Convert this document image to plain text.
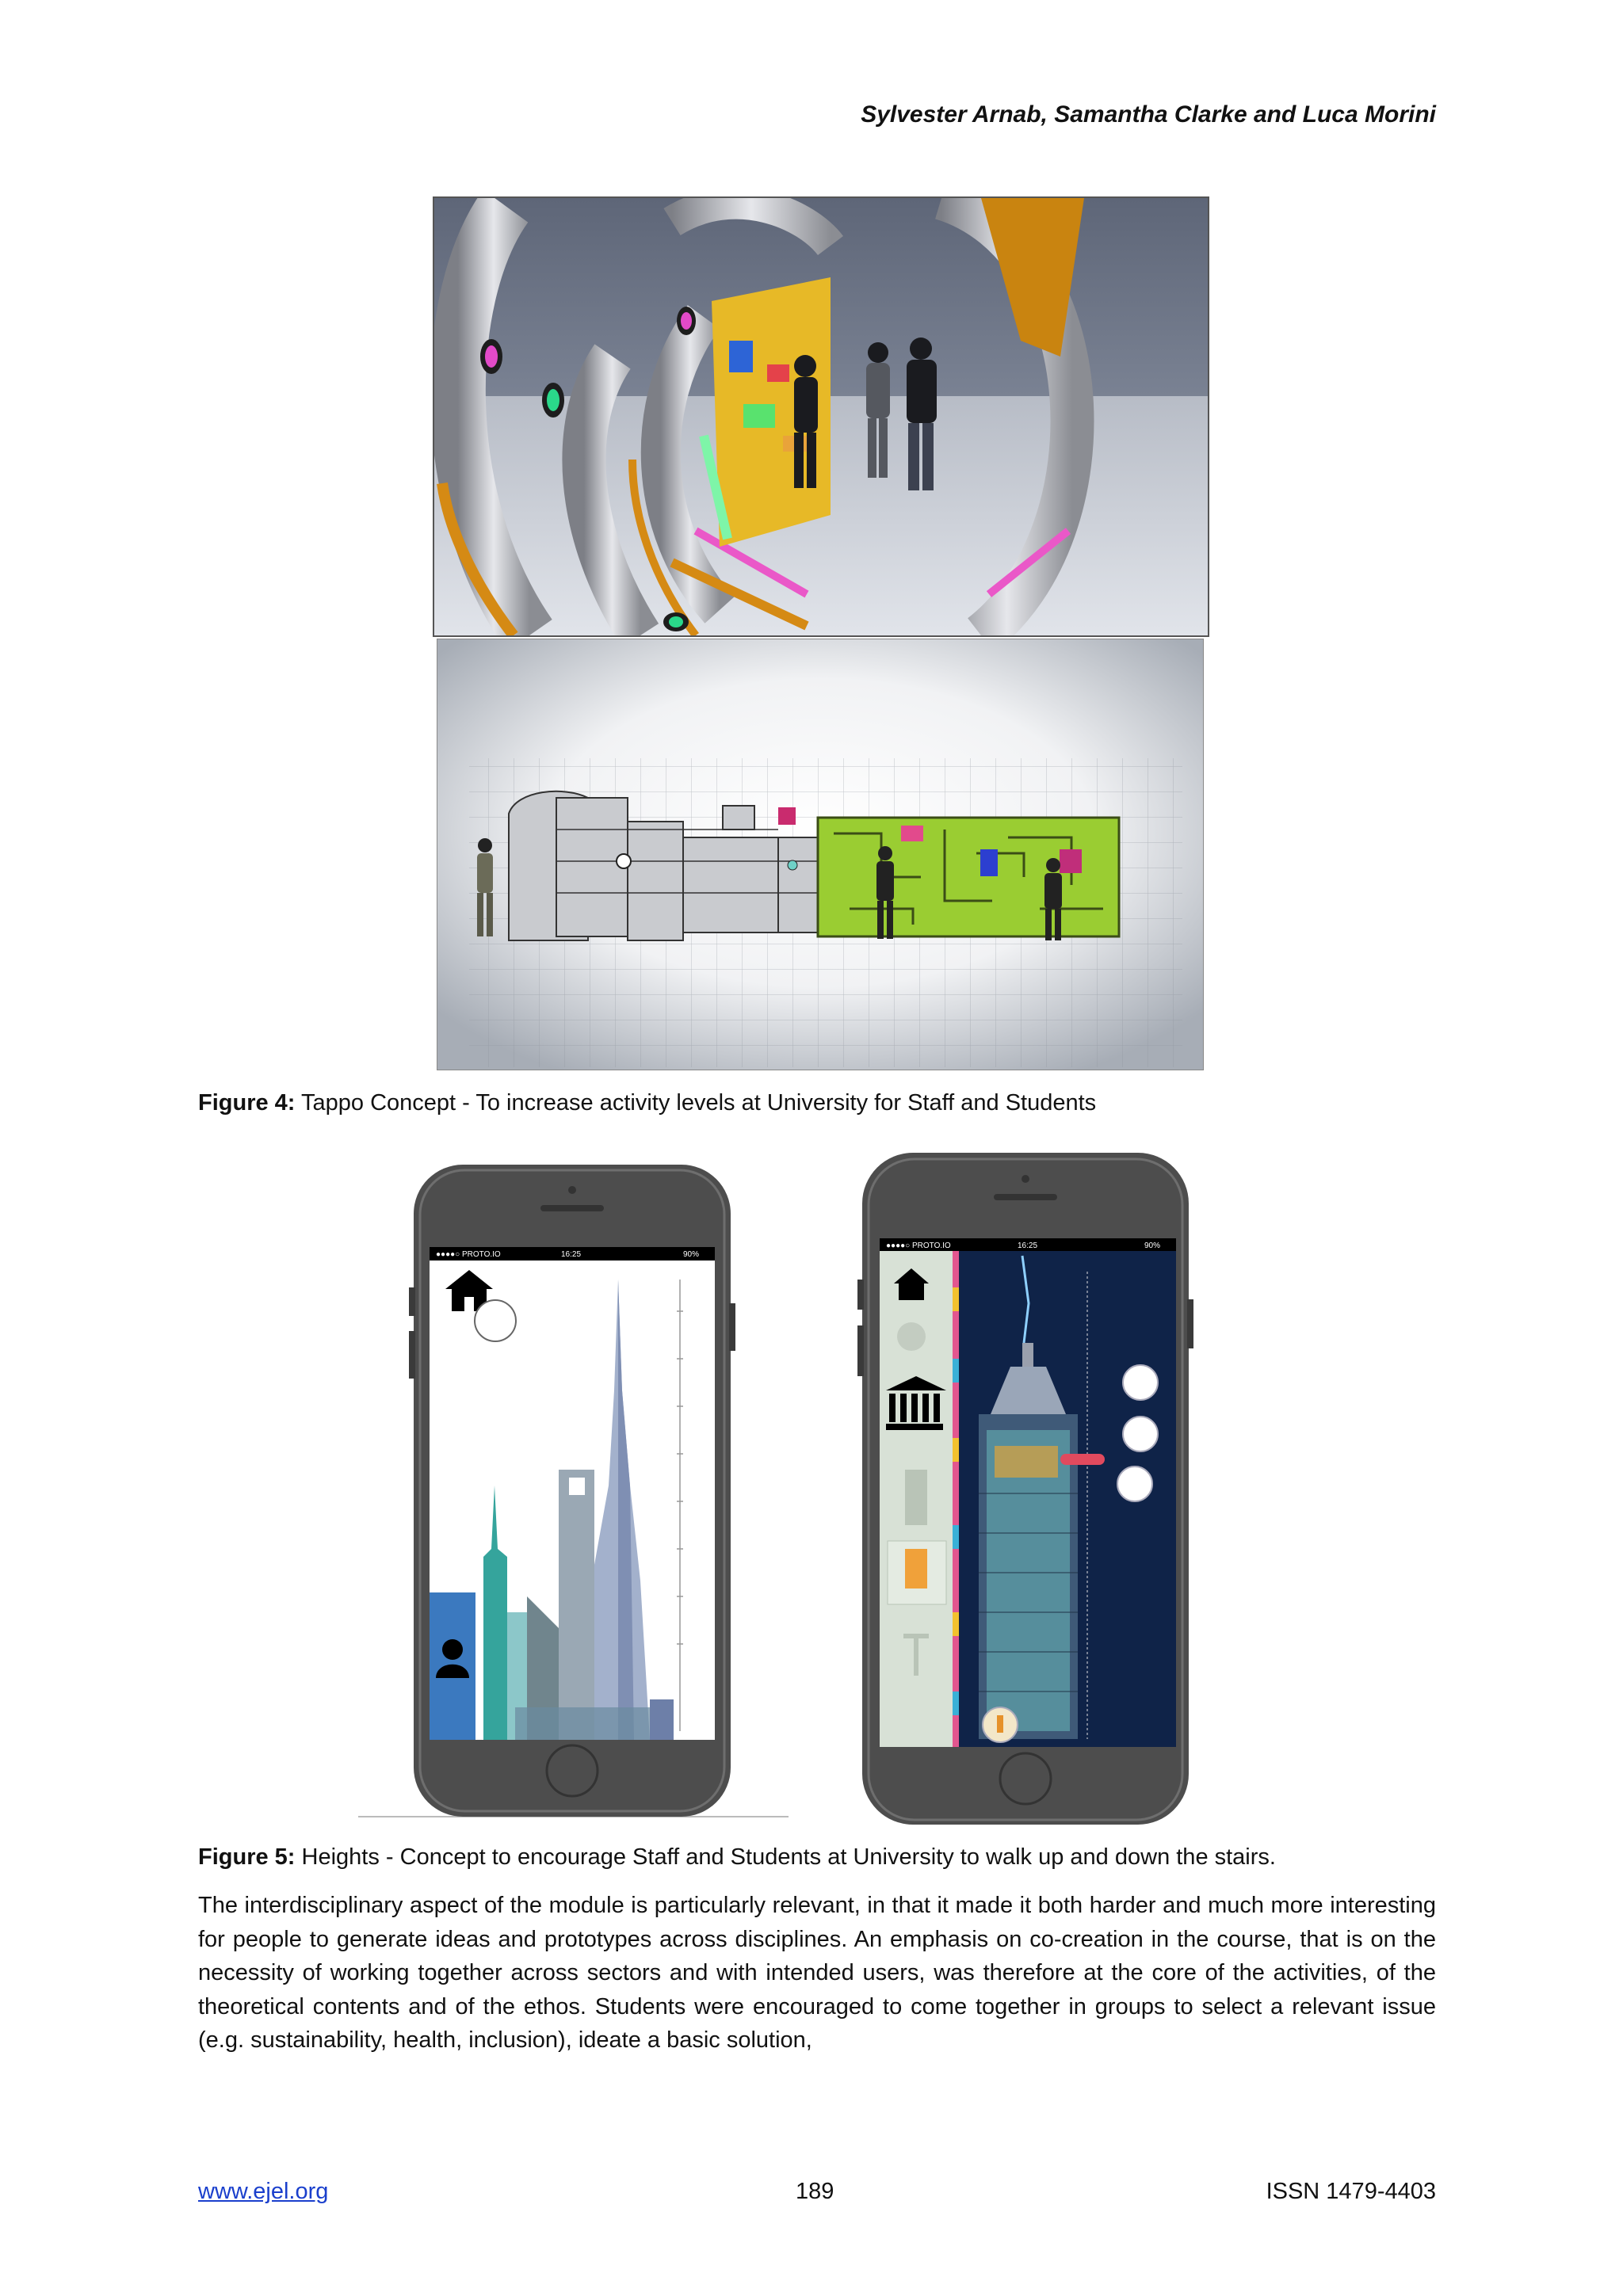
Sylvester Arnab, Samantha Clarke and Luca Morini
Figure 4: Tappo Concept - To increase activity levels at University for Staff and Students
●●●●○ PROTO.IO	16:25	90%
●●●●○ PROTO.IO	16:25	90%
Figure 5: Heights - Concept to encourage Staff and Students at University to walk up and down the stairs.
The interdisciplinary aspect of the module is particularly relevant, in that it made it both harder and much more interesting for people to generate ideas and prototypes across disciplines. An emphasis on co-creation in the course, that is on the necessity of working together across sectors and with intended users, was therefore at the core of the activities, of the theoretical contents and of the ethos. Students were encouraged to come together in groups to select a relevant issue (e.g. sustainability, health, inclusion), ideate a basic solution,
www.ejel.org	189	ISSN 1479-4403
